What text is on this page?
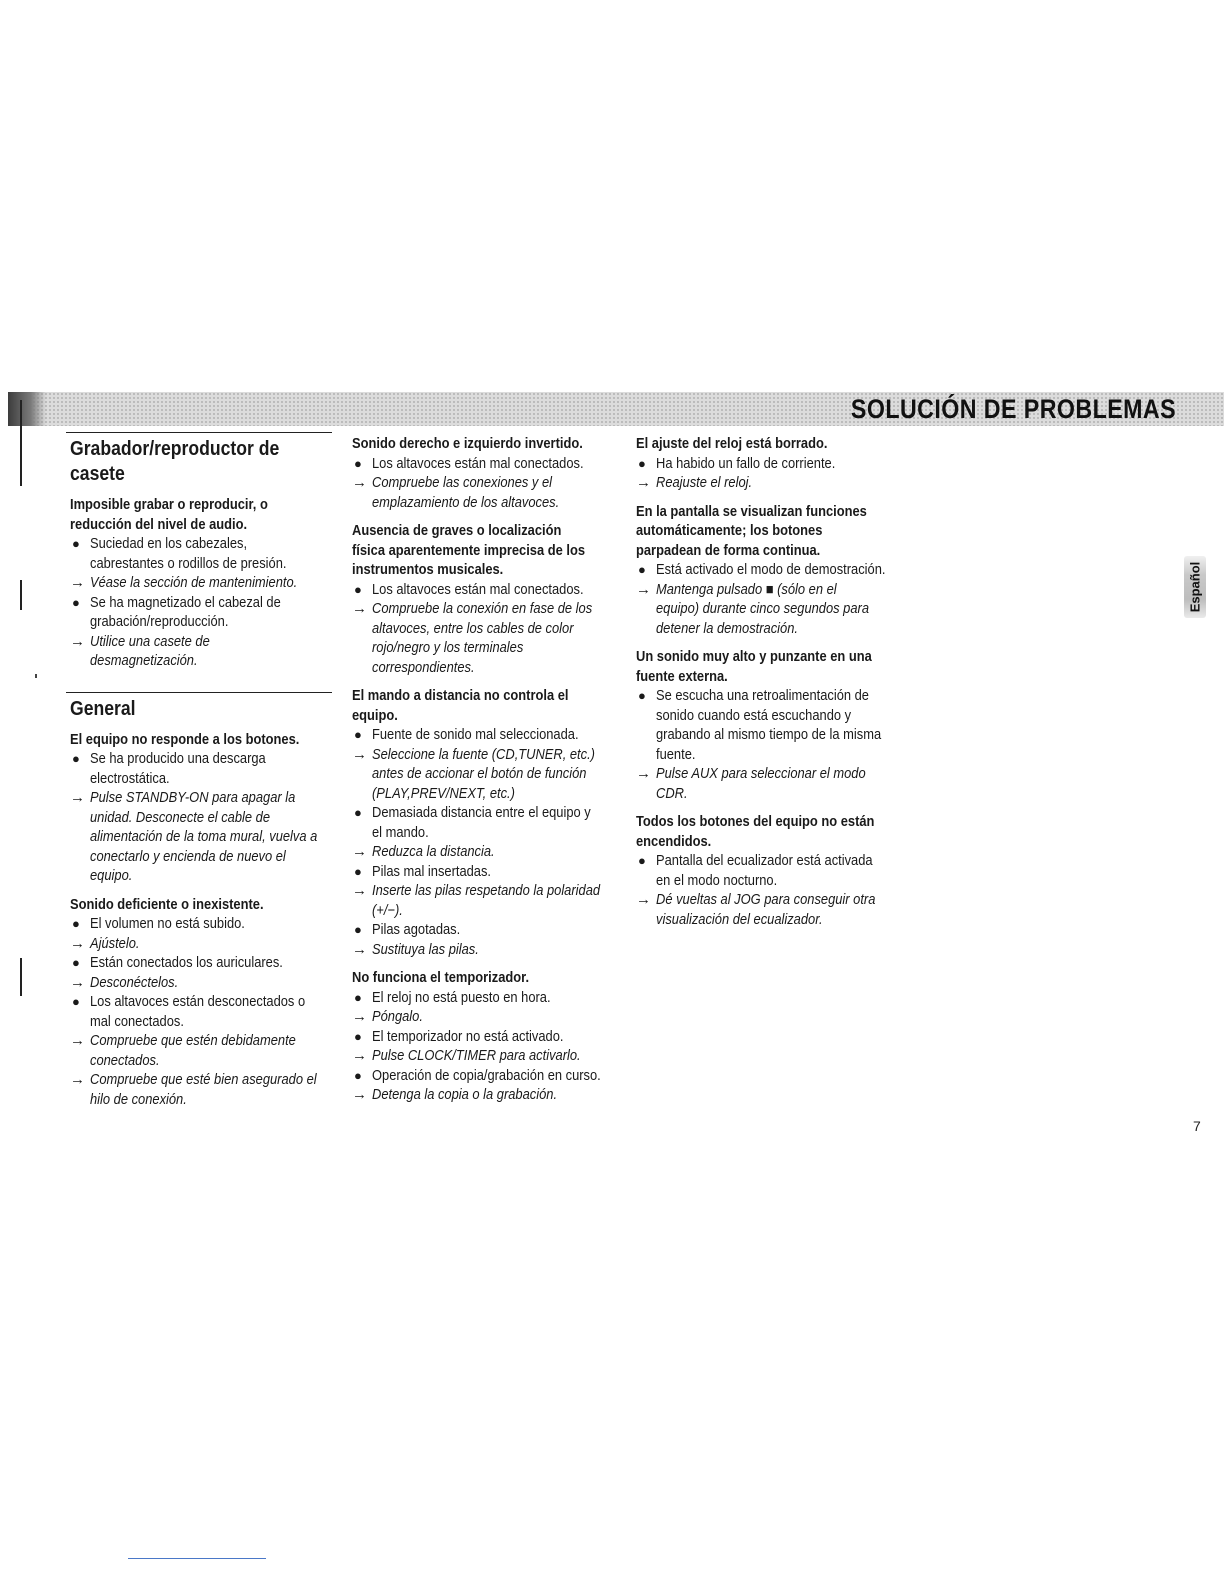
SOLUCIÓN DE PROBLEMAS
Grabador/reproductor de
casete
Imposible grabar o reproducir, o
reducción del nivel de audio.
● Suciedad en los cabezales,
cabrestantes o rodillos de presión.
→ Véase la sección de mantenimiento.
● Se ha magnetizado el cabezal de
grabación/reproducción.
→ Utilice una casete de
desmagnetización.
General
El equipo no responde a los botones.
● Se ha producido una descarga
electrostática.
→ Pulse STANDBY-ON para apagar la
unidad. Desconecte el cable de
alimentación de la toma mural, vuelva a
conectarlo y encienda de nuevo el
equipo.
Sonido deficiente o inexistente.
● El volumen no está subido.
→ Ajústelo.
● Están conectados los auriculares.
→ Desconéctelos.
● Los altavoces están desconectados o
mal conectados.
→ Compruebe que estén debidamente
conectados.
→ Compruebe que esté bien asegurado el
hilo de conexión.
Sonido derecho e izquierdo invertido.
● Los altavoces están mal conectados.
→ Compruebe las conexiones y el
emplazamiento de los altavoces.
Ausencia de graves o localización
física aparentemente imprecisa de los
instrumentos musicales.
● Los altavoces están mal conectados.
→ Compruebe la conexión en fase de los
altavoces, entre los cables de color
rojo/negro y los terminales
correspondientes.
El mando a distancia no controla el
equipo.
● Fuente de sonido mal seleccionada.
→ Seleccione la fuente (CD,TUNER, etc.)
antes de accionar el botón de función
(PLAY,PREV/NEXT, etc.)
● Demasiada distancia entre el equipo y
el mando.
→ Reduzca la distancia.
● Pilas mal insertadas.
→ Inserte las pilas respetando la polaridad
(+/−).
● Pilas agotadas.
→ Sustituya las pilas.
No funciona el temporizador.
● El reloj no está puesto en hora.
→ Póngalo.
● El temporizador no está activado.
→ Pulse CLOCK/TIMER para activarlo.
● Operación de copia/grabación en curso.
→ Detenga la copia o la grabación.
El ajuste del reloj está borrado.
● Ha habido un fallo de corriente.
→ Reajuste el reloj.
En la pantalla se visualizan funciones
automáticamente; los botones
parpadean de forma continua.
● Está activado el modo de demostración.
→ Mantenga pulsado ■ (sólo en el
equipo) durante cinco segundos para
detener la demostración.
Un sonido muy alto y punzante en una
fuente externa.
● Se escucha una retroalimentación de
sonido cuando está escuchando y
grabando al mismo tiempo de la misma
fuente.
→ Pulse AUX para seleccionar el modo
CDR.
Todos los botones del equipo no están
encendidos.
● Pantalla del ecualizador está activada
en el modo nocturno.
→ Dé vueltas al JOG para conseguir otra
visualización del ecualizador.
Español
7
